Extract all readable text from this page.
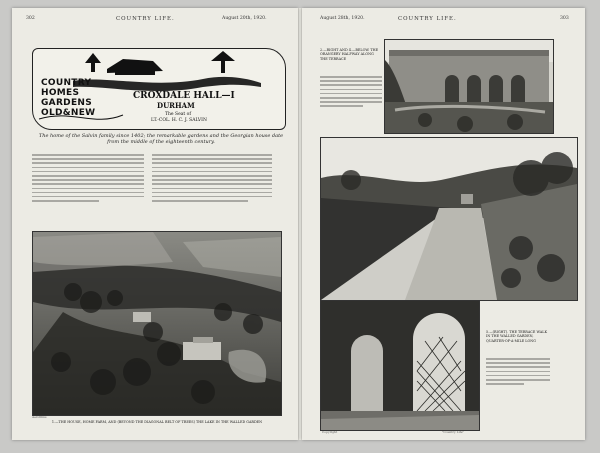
302	COUNTRY LIFE.	August 20th, 1920.
COUNTRY
HOMES
GARDENS
OLD&NEW
CROXDALE HALL—I
DURHAM
The Seat of
LT.-COL. H. C. J. SALVIN
The home of the Salvin family since 1402; the remarkable gardens and the Georgian house date from the middle of the eighteenth century.
Aerofilms
1.—THE HOUSE, HOME FARM, AND (BEYOND THE DIAGONAL BELT OF TREES) THE LAKE IN THE WALLED GARDEN
August 28th, 1920.	COUNTRY LIFE.	303
2.—RIGHT AND 4.—BELOW. THE ORANGERY HALFWAY ALONG THE TERRACE
Copyright	"Country Life"
5.—(RIGHT). THE TERRACE WALK IN THE WALLED GARDEN, QUARTER-OF-A-MILE LONG
